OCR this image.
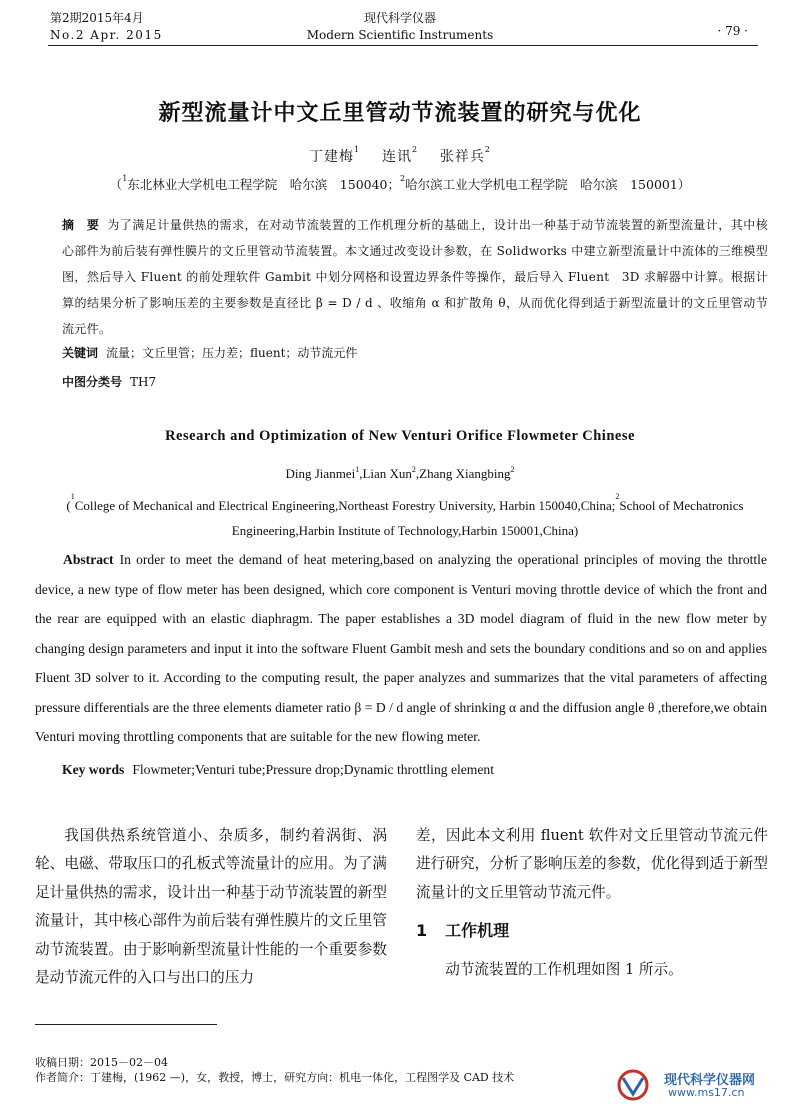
第2期2015年4月
No.2 Apr. 2015
现代科学仪器
Modern Scientific Instruments	· 79 ·
新型流量计中文丘里管动节流装置的研究与优化
丁建梅$^1$ 连讯$^2$ 张祥兵$^2$
（$^1$东北林业大学机电工程学院　哈尔滨　150040；$^2$哈尔滨工业大学机电工程学院　哈尔滨　150001）
摘　要 为了满足计量供热的需求，在对动节流装置的工作机理分析的基础上，设计出一种基于动节流装置的新型流量计，其中核心部件为前后装有弹性膜片的文丘里管动节流装置。本文通过改变设计参数，在 Solidworks 中建立新型流量计中流体的三维模型图，然后导入 Fluent 的前处理软件 Gambit 中划分网格和设置边界条件等操作，最后导入 Fluent　3D 求解器中计算。根据计算的结果分析了影响压差的主要参数是直径比 β = D / d 、收缩角 α 和扩散角 θ，从而优化得到适于新型流量计的文丘里管动节流元件。
关键词 流量；文丘里管；压力差；fluent；动节流元件
中图分类号 TH7
Research and Optimization of New Venturi Orifice Flowmeter Chinese
Ding Jianmei$^1$,Lian Xun$^2$,Zhang Xiangbing$^2$
($^1$College of Mechanical and Electrical Engineering,Northeast Forestry University, Harbin 150040,China;$^2$School of Mechatronics Engineering,Harbin Institute of Technology,Harbin 150001,China)
Abstract In order to meet the demand of heat metering,based on analyzing the operational principles of moving the throttle device, a new type of flow meter has been designed, which core component is Venturi moving throttle device of which the front and the rear are equipped with an elastic diaphragm. The paper establishes a 3D model diagram of fluid in the new flow meter by changing design parameters and input it into the software Fluent Gambit mesh and sets the boundary conditions and so on and applies Fluent 3D solver to it. According to the computing result, the paper analyzes and summarizes that the vital parameters of affecting pressure differentials are the three elements diameter ratio β = D / d angle of shrinking α and the diffusion angle θ ,therefore,we obtain Venturi moving throttling components that are suitable for the new flowing meter.
Key words Flowmeter;Venturi tube;Pressure drop;Dynamic throttling element
我国供热系统管道小、杂质多，制约着涡街、涡轮、电磁、带取压口的孔板式等流量计的应用。为了满足计量供热的需求，设计出一种基于动节流装置的新型流量计，其中核心部件为前后装有弹性膜片的文丘里管动节流装置。由于影响新型流量计性能的一个重要参数是动节流元件的入口与出口的压力
差，因此本文利用 fluent 软件对文丘里管动节流元件进行研究，分析了影响压差的参数，优化得到适于新型流量计的文丘里管动节流元件。
1 工作机理
动节流装置的工作机理如图 1 所示。
收稿日期：2015－02－04
作者简介：丁建梅，(1962 —)，女，教授，博士，研究方向：机电一体化，工程图学及 CAD 技术	现代科学仪器网
www.ms17.cn
